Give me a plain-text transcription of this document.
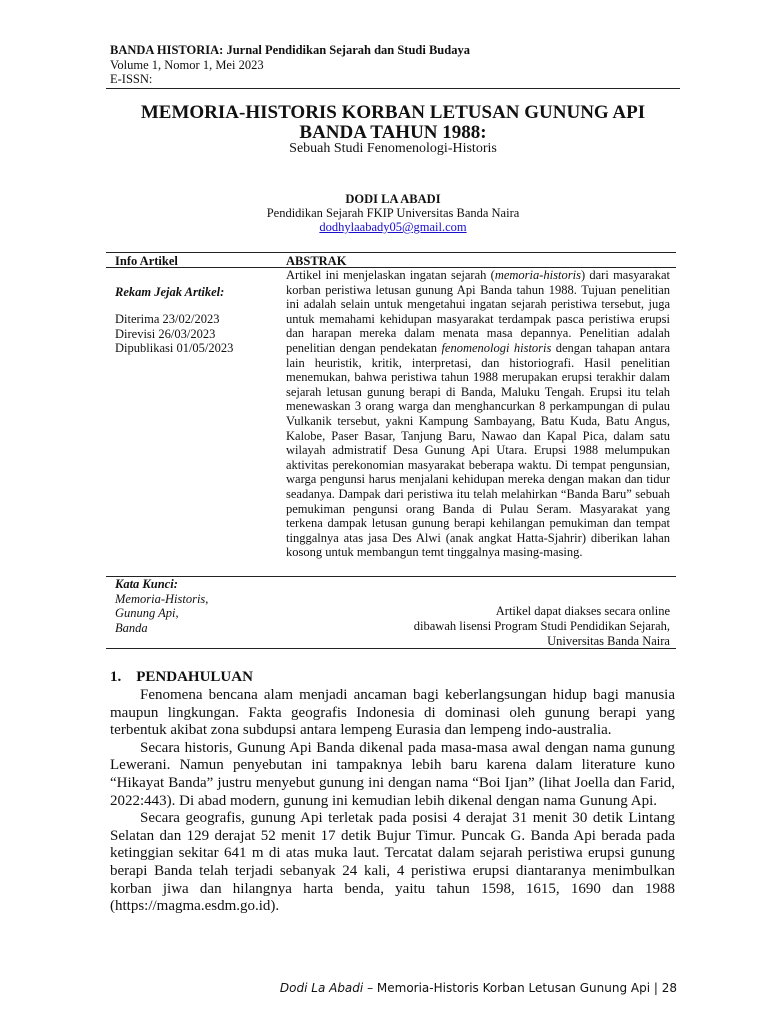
BANDA HISTORIA: Jurnal Pendidikan Sejarah dan Studi Budaya
Volume 1, Nomor 1, Mei 2023
E-ISSN:
MEMORIA-HISTORIS KORBAN LETUSAN GUNUNG API
BANDA TAHUN 1988:
Sebuah Studi Fenomenologi-Historis
DODI LA ABADI
Pendidikan Sejarah FKIP Universitas Banda Naira
dodhylaabady05@gmail.com
Info Artikel
Rekam Jejak Artikel:
Diterima 23/02/2023
Direvisi 26/03/2023
Dipublikasi 01/05/2023
ABSTRAK
Artikel ini menjelaskan ingatan sejarah (memoria-historis) dari masyarakat korban peristiwa letusan gunung Api Banda tahun 1988. Tujuan penelitian ini adalah selain untuk mengetahui ingatan sejarah peristiwa tersebut, juga untuk memahami kehidupan masyarakat terdampak pasca peristiwa erupsi dan harapan mereka dalam menata masa depannya. Penelitian adalah penelitian dengan pendekatan fenomenologi historis dengan tahapan antara lain heuristik, kritik, interpretasi, dan historiografi. Hasil penelitian menemukan, bahwa peristiwa tahun 1988 merupakan erupsi terakhir dalam sejarah letusan gunung berapi di Banda, Maluku Tengah. Erupsi itu telah menewaskan 3 orang warga dan menghancurkan 8 perkampungan di pulau Vulkanik tersebut, yakni Kampung Sambayang, Batu Kuda, Batu Angus, Kalobe, Paser Basar, Tanjung Baru, Nawao dan Kapal Pica, dalam satu wilayah admistratif Desa Gunung Api Utara. Erupsi 1988 melumpukan aktivitas perekonomian masyarakat beberapa waktu. Di tempat pengunsian, warga pengunsi harus menjalani kehidupan mereka dengan makan dan tidur seadanya. Dampak dari peristiwa itu telah melahirkan “Banda Baru” sebuah pemukiman pengunsi orang Banda di Pulau Seram. Masyarakat yang terkena dampak letusan gunung berapi kehilangan pemukiman dan tempat tinggalnya atas jasa Des Alwi (anak angkat Hatta-Sjahrir) diberikan lahan kosong untuk membangun temt tinggalnya masing-masing.
Kata Kunci:
Memoria-Historis,
Gunung Api,
Banda
Artikel dapat diakses secara online
dibawah lisensi Program Studi Pendidikan Sejarah,
Universitas Banda Naira
1. PENDAHULUAN

Fenomena bencana alam menjadi ancaman bagi keberlangsungan hidup bagi manusia maupun lingkungan. Fakta geografis Indonesia di dominasi oleh gunung berapi yang terbentuk akibat zona subdupsi antara lempeng Eurasia dan lempeng indo-australia.

Secara historis, Gunung Api Banda dikenal pada masa-masa awal dengan nama gunung Lewerani. Namun penyebutan ini tampaknya lebih baru karena dalam literature kuno “Hikayat Banda” justru menyebut gunung ini dengan nama “Boi Ijan” (lihat Joella dan Farid, 2022:443). Di abad modern, gunung ini kemudian lebih dikenal dengan nama Gunung Api.

Secara geografis, gunung Api terletak pada posisi 4 derajat 31 menit 30 detik Lintang Selatan dan 129 derajat 52 menit 17 detik Bujur Timur. Puncak G. Banda Api berada pada ketinggian sekitar 641 m di atas muka laut. Tercatat dalam sejarah peristiwa erupsi gunung berapi Banda telah terjadi sebanyak 24 kali, 4 peristiwa erupsi diantaranya menimbulkan korban jiwa dan hilangnya harta benda, yaitu tahun 1598, 1615, 1690 dan 1988 (https://magma.esdm.go.id).

Dodi La Abadi – Memoria-Historis Korban Letusan Gunung Api | 28
